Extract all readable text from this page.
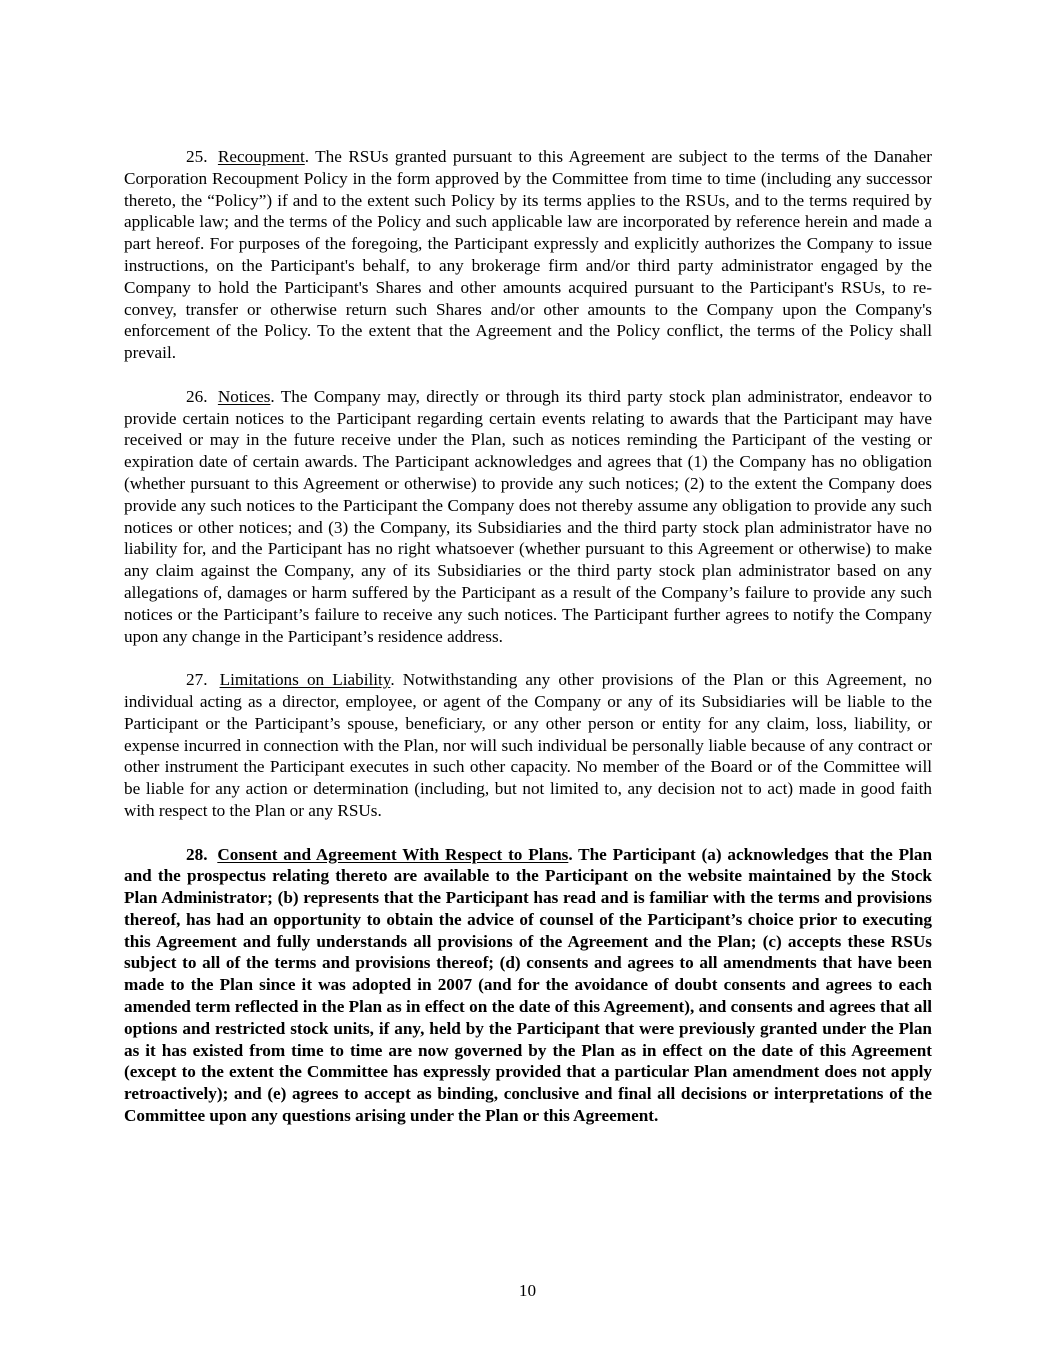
25. Recoupment. The RSUs granted pursuant to this Agreement are subject to the terms of the Danaher Corporation Recoupment Policy in the form approved by the Committee from time to time (including any successor thereto, the “Policy”) if and to the extent such Policy by its terms applies to the RSUs, and to the terms required by applicable law; and the terms of the Policy and such applicable law are incorporated by reference herein and made a part hereof. For purposes of the foregoing, the Participant expressly and explicitly authorizes the Company to issue instructions, on the Participant's behalf, to any brokerage firm and/or third party administrator engaged by the Company to hold the Participant's Shares and other amounts acquired pursuant to the Participant's RSUs, to re-convey, transfer or otherwise return such Shares and/or other amounts to the Company upon the Company's enforcement of the Policy. To the extent that the Agreement and the Policy conflict, the terms of the Policy shall prevail.

26. Notices. The Company may, directly or through its third party stock plan administrator, endeavor to provide certain notices to the Participant regarding certain events relating to awards that the Participant may have received or may in the future receive under the Plan, such as notices reminding the Participant of the vesting or expiration date of certain awards. The Participant acknowledges and agrees that (1) the Company has no obligation (whether pursuant to this Agreement or otherwise) to provide any such notices; (2) to the extent the Company does provide any such notices to the Participant the Company does not thereby assume any obligation to provide any such notices or other notices; and (3) the Company, its Subsidiaries and the third party stock plan administrator have no liability for, and the Participant has no right whatsoever (whether pursuant to this Agreement or otherwise) to make any claim against the Company, any of its Subsidiaries or the third party stock plan administrator based on any allegations of, damages or harm suffered by the Participant as a result of the Company’s failure to provide any such notices or the Participant’s failure to receive any such notices. The Participant further agrees to notify the Company upon any change in the Participant’s residence address.

27. Limitations on Liability. Notwithstanding any other provisions of the Plan or this Agreement, no individual acting as a director, employee, or agent of the Company or any of its Subsidiaries will be liable to the Participant or the Participant’s spouse, beneficiary, or any other person or entity for any claim, loss, liability, or expense incurred in connection with the Plan, nor will such individual be personally liable because of any contract or other instrument the Participant executes in such other capacity. No member of the Board or of the Committee will be liable for any action or determination (including, but not limited to, any decision not to act) made in good faith with respect to the Plan or any RSUs.

28. Consent and Agreement With Respect to Plans. The Participant (a) acknowledges that the Plan and the prospectus relating thereto are available to the Participant on the website maintained by the Stock Plan Administrator; (b) represents that the Participant has read and is familiar with the terms and provisions thereof, has had an opportunity to obtain the advice of counsel of the Participant’s choice prior to executing this Agreement and fully understands all provisions of the Agreement and the Plan; (c) accepts these RSUs subject to all of the terms and provisions thereof; (d) consents and agrees to all amendments that have been made to the Plan since it was adopted in 2007 (and for the avoidance of doubt consents and agrees to each amended term reflected in the Plan as in effect on the date of this Agreement), and consents and agrees that all options and restricted stock units, if any, held by the Participant that were previously granted under the Plan as it has existed from time to time are now governed by the Plan as in effect on the date of this Agreement (except to the extent the Committee has expressly provided that a particular Plan amendment does not apply retroactively); and (e) agrees to accept as binding, conclusive and final all decisions or interpretations of the Committee upon any questions arising under the Plan or this Agreement.

10
